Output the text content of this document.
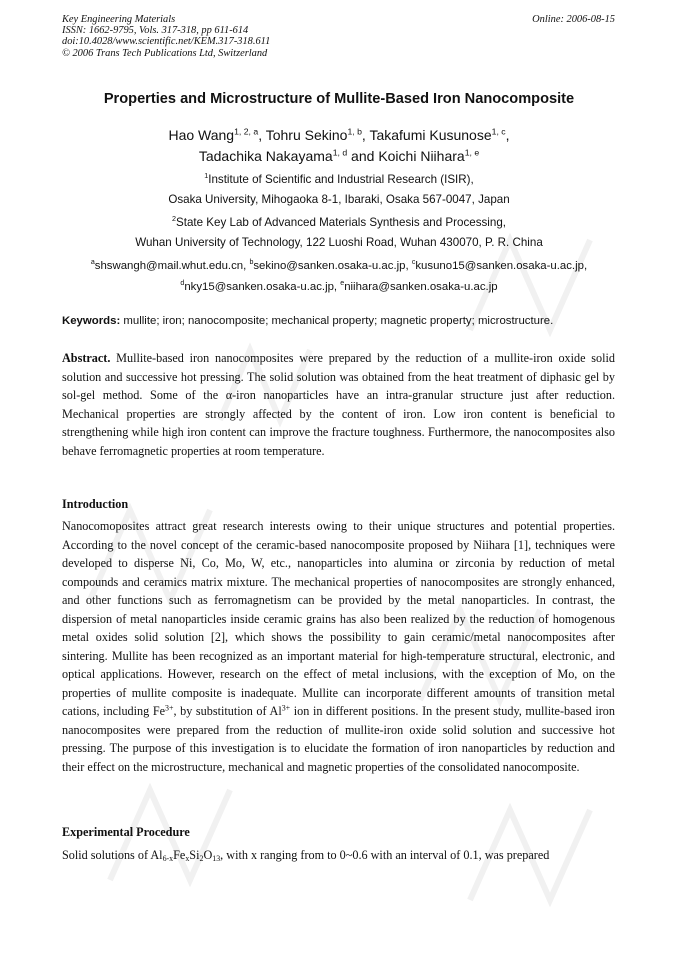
Key Engineering Materials
ISSN: 1662-9795, Vols. 317-318, pp 611-614
doi:10.4028/www.scientific.net/KEM.317-318.611
© 2006 Trans Tech Publications Ltd, Switzerland
Online: 2006-08-15
Properties and Microstructure of Mullite-Based Iron Nanocomposite
Hao Wang$^{1, 2, a}$, Tohru Sekino$^{1, b}$, Takafumi Kusunose$^{1, c}$,
Tadachika Nakayama$^{1, d}$ and Koichi Niihara$^{1, e}$
$^1$Institute of Scientific and Industrial Research (ISIR),
Osaka University, Mihogaoka 8-1, Ibaraki, Osaka 567-0047, Japan
$^2$State Key Lab of Advanced Materials Synthesis and Processing,
Wuhan University of Technology, 122 Luoshi Road, Wuhan 430070, P. R. China
$^a$shswangh@mail.whut.edu.cn, $^b$sekino@sanken.osaka-u.ac.jp, $^c$kusuno15@sanken.osaka-u.ac.jp,
$^d$nky15@sanken.osaka-u.ac.jp, $^e$niihara@sanken.osaka-u.ac.jp
Keywords: mullite; iron; nanocomposite; mechanical property; magnetic property; microstructure.
Abstract. Mullite-based iron nanocomposites were prepared by the reduction of a mullite-iron oxide solid solution and successive hot pressing. The solid solution was obtained from the heat treatment of diphasic gel by sol-gel method. Some of the α-iron nanoparticles have an intra-granular structure just after reduction. Mechanical properties are strongly affected by the content of iron. Low iron content is beneficial to strengthening while high iron content can improve the fracture toughness. Furthermore, the nanocomposites also behave ferromagnetic properties at room temperature.
Introduction
Nanocomoposites attract great research interests owing to their unique structures and potential properties. According to the novel concept of the ceramic-based nanocomposite proposed by Niihara [1], techniques were developed to disperse Ni, Co, Mo, W, etc., nanoparticles into alumina or zirconia by reduction of metal compounds and ceramics matrix mixture. The mechanical properties of nanocomposites are strongly enhanced, and other functions such as ferromagnetism can be provided by the metal nanoparticles. In contrast, the dispersion of metal nanoparticles inside ceramic grains has also been realized by the reduction of homogenous metal oxides solid solution [2], which shows the possibility to gain ceramic/metal nanocomposites after sintering. Mullite has been recognized as an important material for high-temperature structural, electronic, and optical applications. However, research on the effect of metal inclusions, with the exception of Mo, on the properties of mullite composite is inadequate. Mullite can incorporate different amounts of transition metal cations, including $Fe^{3+}$, by substitution of $Al^{3+}$ ion in different positions. In the present study, mullite-based iron nanocomposites were prepared from the reduction of mullite-iron oxide solid solution and successive hot pressing. The purpose of this investigation is to elucidate the formation of iron nanoparticles by reduction and their effect on the microstructure, mechanical and magnetic properties of the consolidated nanocomposite.
Experimental Procedure
Solid solutions of $Al_{6-x}Fe_xSi_2O_{13}$, with x ranging from to 0~0.6 with an interval of 0.1, was prepared
